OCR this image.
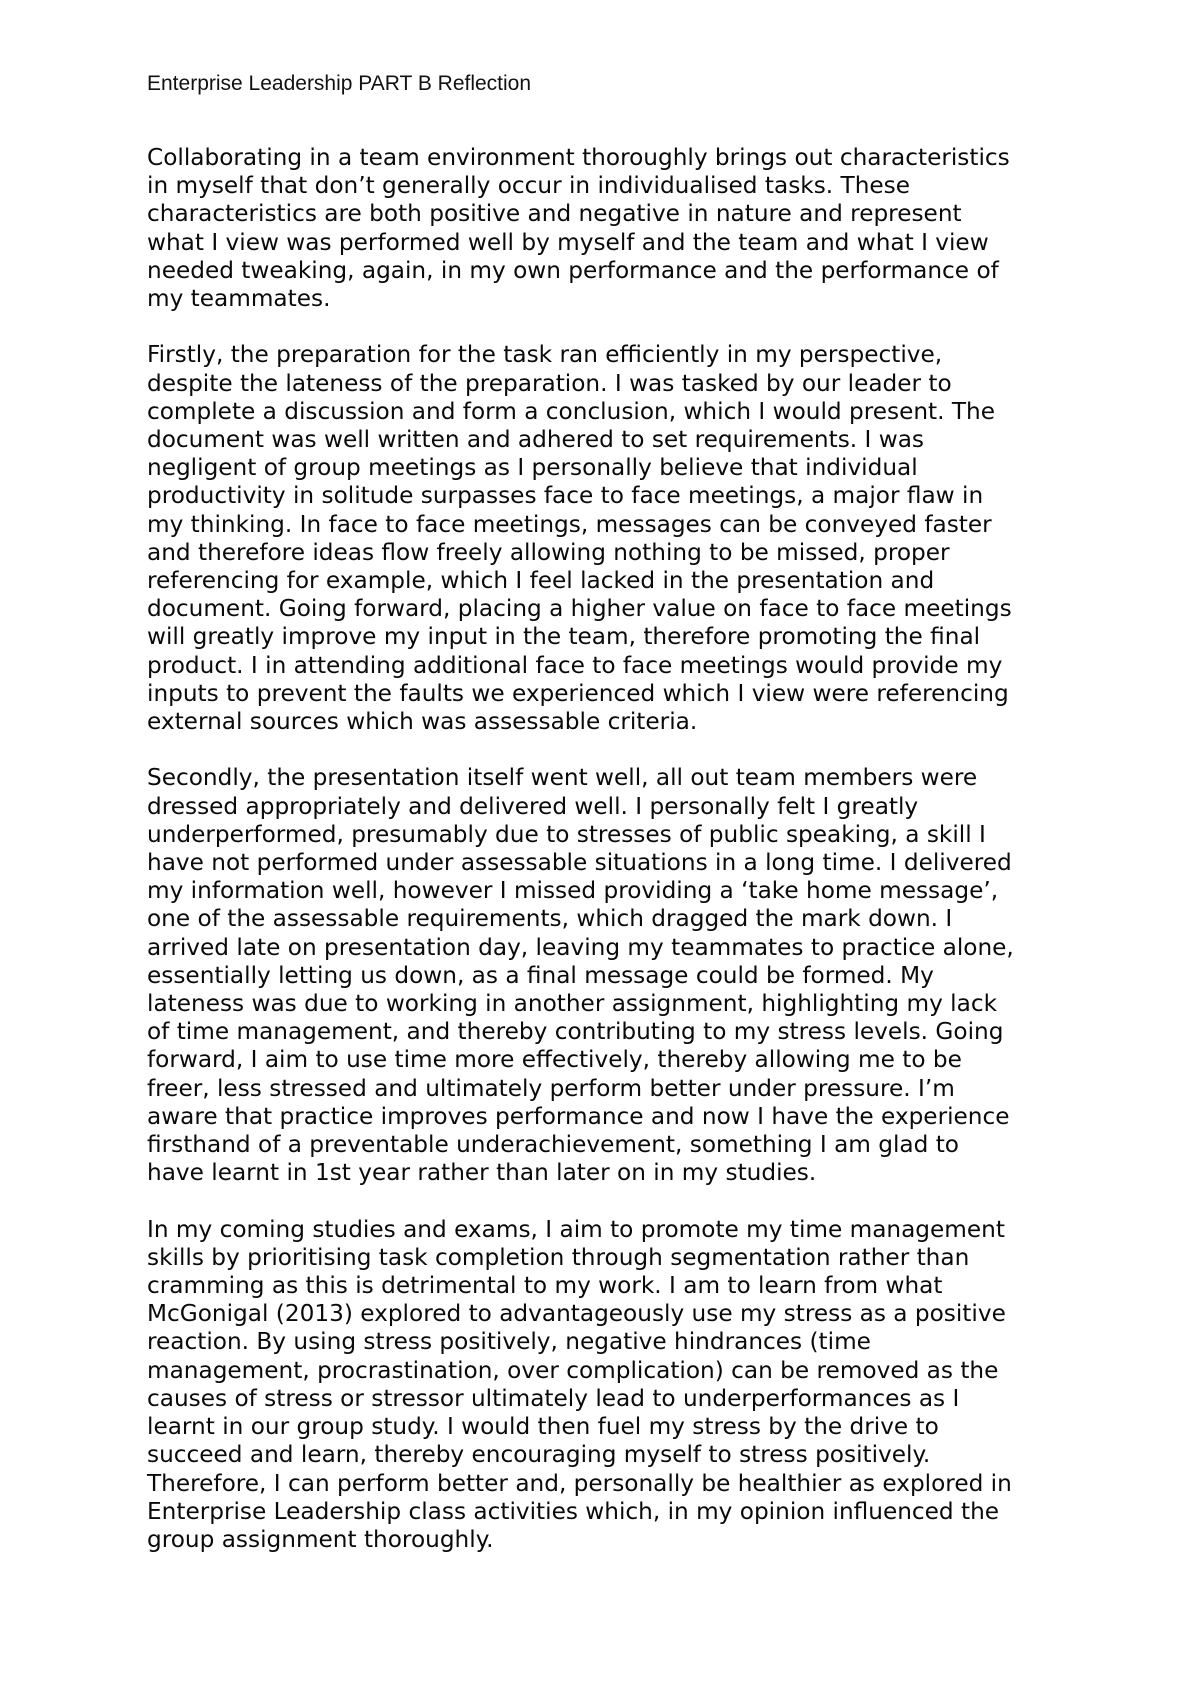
Enterprise Leadership PART B Reflection
Collaborating in a team environment thoroughly brings out characteristics
in myself that don’t generally occur in individualised tasks. These
characteristics are both positive and negative in nature and represent
what I view was performed well by myself and the team and what I view
needed tweaking, again, in my own performance and the performance of
my teammates.
Firstly, the preparation for the task ran efficiently in my perspective,
despite the lateness of the preparation. I was tasked by our leader to
complete a discussion and form a conclusion, which I would present. The
document was well written and adhered to set requirements. I was
negligent of group meetings as I personally believe that individual
productivity in solitude surpasses face to face meetings, a major flaw in
my thinking. In face to face meetings, messages can be conveyed faster
and therefore ideas flow freely allowing nothing to be missed, proper
referencing for example, which I feel lacked in the presentation and
document. Going forward, placing a higher value on face to face meetings
will greatly improve my input in the team, therefore promoting the final
product. I in attending additional face to face meetings would provide my
inputs to prevent the faults we experienced which I view were referencing
external sources which was assessable criteria.
Secondly, the presentation itself went well, all out team members were
dressed appropriately and delivered well. I personally felt I greatly
underperformed, presumably due to stresses of public speaking, a skill I
have not performed under assessable situations in a long time. I delivered
my information well, however I missed providing a ‘take home message’,
one of the assessable requirements, which dragged the mark down. I
arrived late on presentation day, leaving my teammates to practice alone,
essentially letting us down, as a final message could be formed. My
lateness was due to working in another assignment, highlighting my lack
of time management, and thereby contributing to my stress levels. Going
forward, I aim to use time more effectively, thereby allowing me to be
freer, less stressed and ultimately perform better under pressure. I’m
aware that practice improves performance and now I have the experience
firsthand of a preventable underachievement, something I am glad to
have learnt in 1st year rather than later on in my studies.
In my coming studies and exams, I aim to promote my time management
skills by prioritising task completion through segmentation rather than
cramming as this is detrimental to my work. I am to learn from what
McGonigal (2013) explored to advantageously use my stress as a positive
reaction. By using stress positively, negative hindrances (time
management, procrastination, over complication) can be removed as the
causes of stress or stressor ultimately lead to underperformances as I
learnt in our group study. I would then fuel my stress by the drive to
succeed and learn, thereby encouraging myself to stress positively.
Therefore, I can perform better and, personally be healthier as explored in
Enterprise Leadership class activities which, in my opinion influenced the
group assignment thoroughly.
